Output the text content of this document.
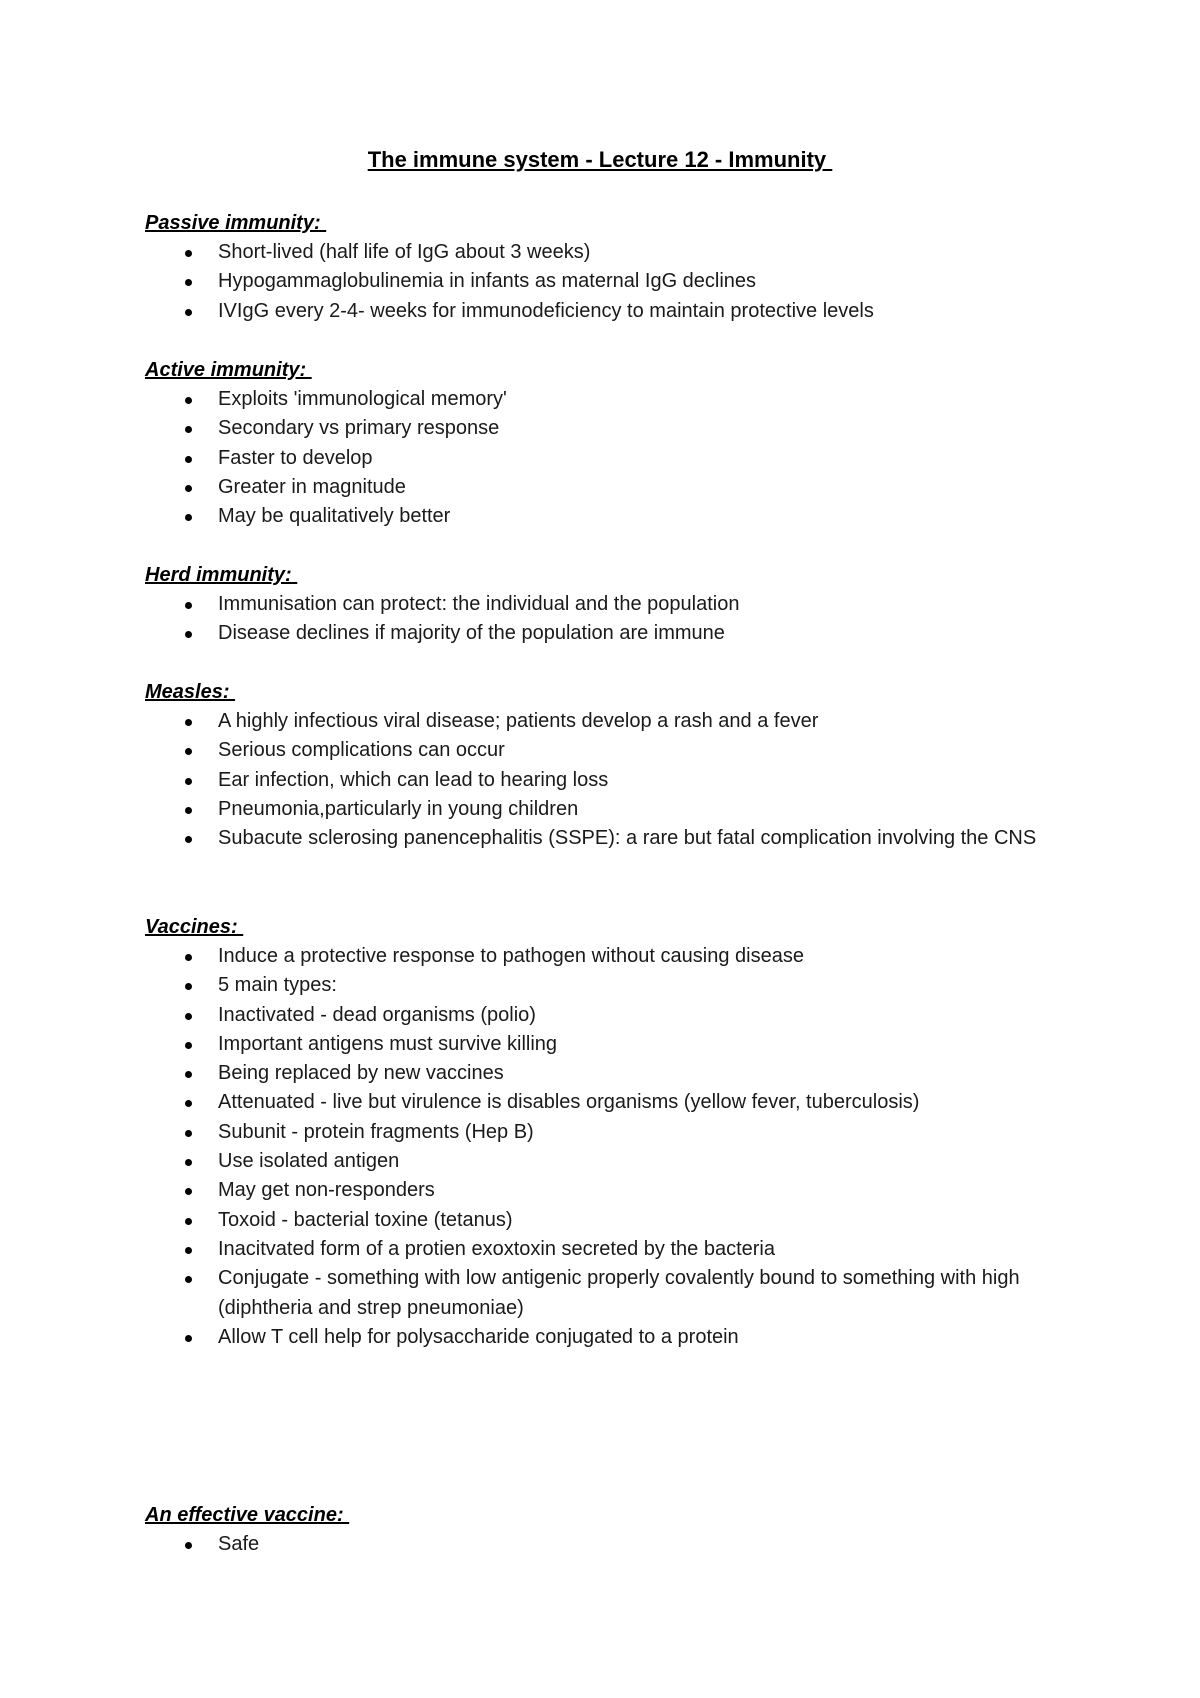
The immune system - Lecture 12 - Immunity
Passive immunity:
Short-lived (half life of IgG about 3 weeks)
Hypogammaglobulinemia in infants as maternal IgG declines
IVIgG every 2-4- weeks for immunodeficiency to maintain protective levels
Active immunity:
Exploits 'immunological memory'
Secondary vs primary response
Faster to develop
Greater in magnitude
May be qualitatively better
Herd immunity:
Immunisation can protect: the individual and the population
Disease declines if majority of the population are immune
Measles:
A highly infectious viral disease; patients develop a rash and a fever
Serious complications can occur
Ear infection, which can lead to hearing loss
Pneumonia,particularly in young children
Subacute sclerosing panencephalitis (SSPE): a rare but fatal complication involving the CNS
Vaccines:
Induce a protective response to pathogen without causing disease
5 main types:
Inactivated - dead organisms (polio)
Important antigens must survive killing
Being replaced by new vaccines
Attenuated - live but virulence is disables organisms (yellow fever, tuberculosis)
Subunit - protein fragments (Hep B)
Use isolated antigen
May get non-responders
Toxoid - bacterial toxine (tetanus)
Inacitvated form of a protien exoxtoxin secreted by the bacteria
Conjugate - something with low antigenic properly covalently bound to something with high (diphtheria and strep pneumoniae)
Allow T cell help for polysaccharide conjugated to a protein
An effective vaccine:
Safe
